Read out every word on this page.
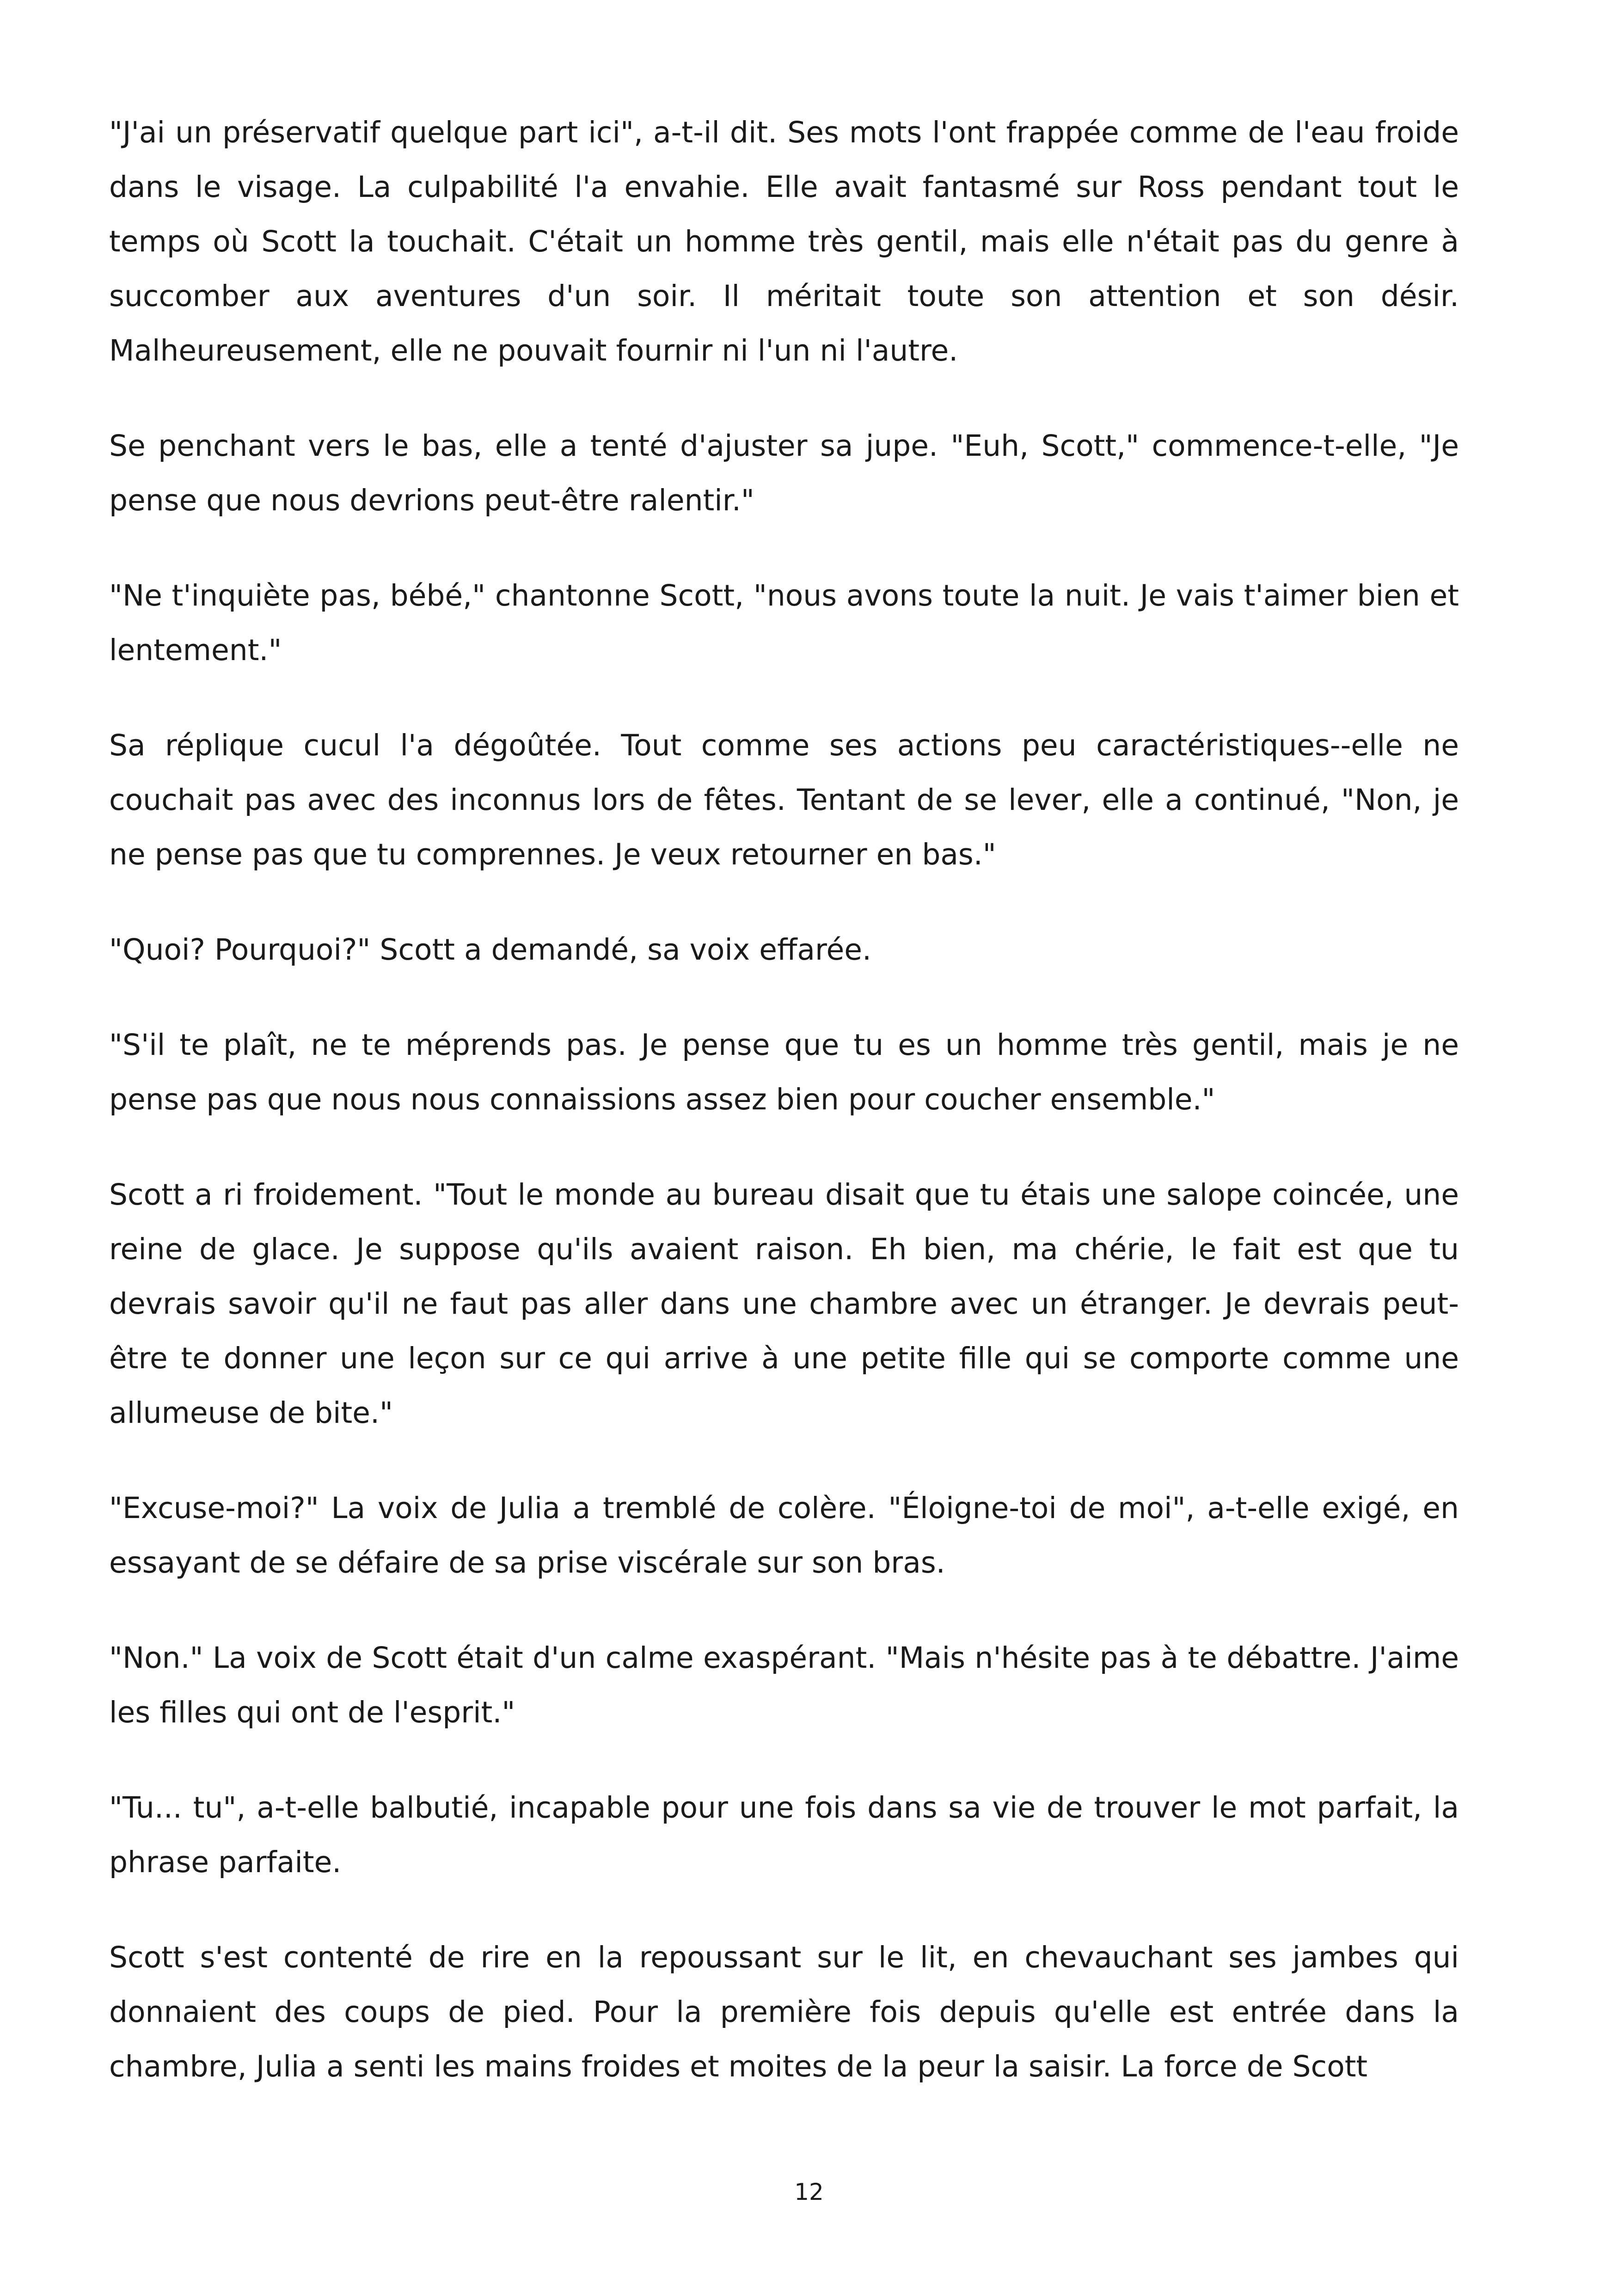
"J'ai un préservatif quelque part ici", a-t-il dit. Ses mots l'ont frappée comme de l'eau froide dans le visage. La culpabilité l'a envahie. Elle avait fantasmé sur Ross pendant tout le temps où Scott la touchait. C'était un homme très gentil, mais elle n'était pas du genre à succomber aux aventures d'un soir. Il méritait toute son attention et son désir. Malheureusement, elle ne pouvait fournir ni l'un ni l'autre.

Se penchant vers le bas, elle a tenté d'ajuster sa jupe. "Euh, Scott," commence-t-elle, "Je pense que nous devrions peut-être ralentir."

"Ne t'inquiète pas, bébé," chantonne Scott, "nous avons toute la nuit. Je vais t'aimer bien et lentement."

Sa réplique cucul l'a dégoûtée. Tout comme ses actions peu caractéristiques--elle ne couchait pas avec des inconnus lors de fêtes. Tentant de se lever, elle a continué, "Non, je ne pense pas que tu comprennes. Je veux retourner en bas."

"Quoi? Pourquoi?" Scott a demandé, sa voix effarée.

"S'il te plaît, ne te méprends pas. Je pense que tu es un homme très gentil, mais je ne pense pas que nous nous connaissions assez bien pour coucher ensemble."

Scott a ri froidement. "Tout le monde au bureau disait que tu étais une salope coincée, une reine de glace. Je suppose qu'ils avaient raison. Eh bien, ma chérie, le fait est que tu devrais savoir qu'il ne faut pas aller dans une chambre avec un étranger. Je devrais peut-être te donner une leçon sur ce qui arrive à une petite fille qui se comporte comme une allumeuse de bite."

"Excuse-moi?" La voix de Julia a tremblé de colère. "Éloigne-toi de moi", a-t-elle exigé, en essayant de se défaire de sa prise viscérale sur son bras.

"Non." La voix de Scott était d'un calme exaspérant. "Mais n'hésite pas à te débattre. J'aime les filles qui ont de l'esprit."

"Tu... tu", a-t-elle balbutié, incapable pour une fois dans sa vie de trouver le mot parfait, la phrase parfaite.

Scott s'est contenté de rire en la repoussant sur le lit, en chevauchant ses jambes qui donnaient des coups de pied. Pour la première fois depuis qu'elle est entrée dans la chambre, Julia a senti les mains froides et moites de la peur la saisir. La force de Scott

12
